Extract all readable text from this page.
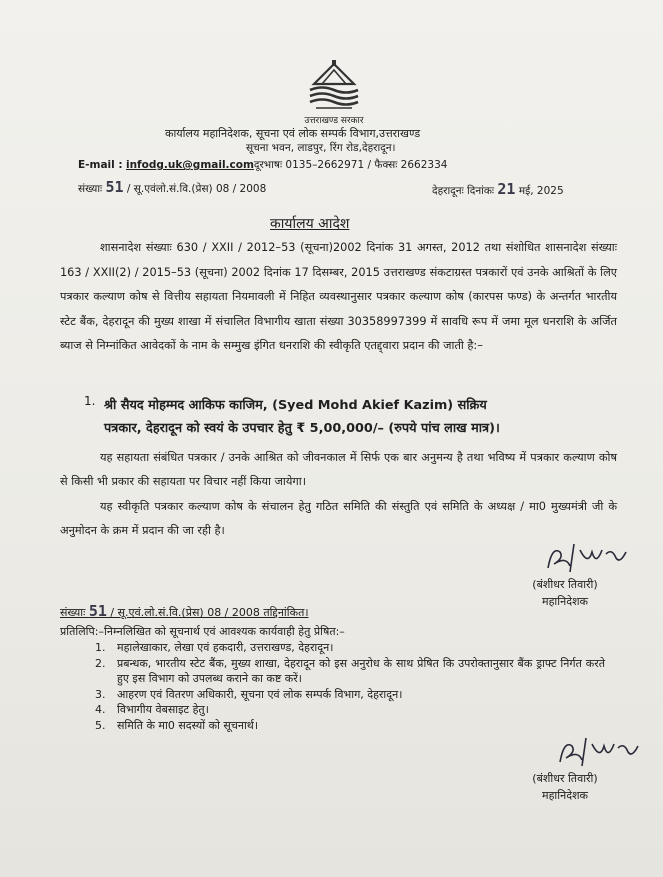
उत्तराखण्ड सरकार
कार्यालय महानिदेशक, सूचना एवं लोक सम्पर्क विभाग,उत्तराखण्ड
सूचना भवन, लाडपुर, रिंग रोड,देहरादून।
E-mail : infodg.uk@gmail.comदूरभाषः 0135–2662971 / फैक्सः 2662334
संख्याः 51 / सू.एवंलो.सं.वि.(प्रेस) 08 / 2008	देहरादूनः दिनांकः 21 मई, 2025
कार्यालय आदेश
शासनादेश संख्याः 630 / XXII / 2012–53 (सूचना)2002 दिनांक 31 अगस्त, 2012 तथा संशोधित शासनादेश संख्याः 163 / XXII(2) / 2015–53 (सूचना) 2002 दिनांक 17 दिसम्बर, 2015 उत्तराखण्ड संकटाग्रस्त पत्रकारों एवं उनके आश्रितों के लिए पत्रकार कल्याण कोष से वित्तीय सहायता नियमावली में निहित व्यवस्थानुसार पत्रकार कल्याण कोष (कारपस फण्ड) के अन्तर्गत भारतीय स्टेट बैंक, देहरादून की मुख्य शाखा में संचालित विभागीय खाता संख्या 30358997399 में सावधि रूप में जमा मूल धनराशि के अर्जित ब्याज से निम्नांकित आवेदकों के नाम के सम्मुख इंगित धनराशि की स्वीकृति एतद्द्वारा प्रदान की जाती है:–
1. श्री सैयद मोहम्मद आकिफ काजिम, (Syed Mohd Akief Kazim) सक्रिय पत्रकार, देहरादून को स्वयं के उपचार हेतु ₹ 5,00,000/– (रुपये पांच लाख मात्र)।
यह सहायता संबंधित पत्रकार / उनके आश्रित को जीवनकाल में सिर्फ एक बार अनुमन्य है तथा भविष्य में पत्रकार कल्याण कोष से किसी भी प्रकार की सहायता पर विचार नहीं किया जायेगा।
यह स्वीकृति पत्रकार कल्याण कोष के संचालन हेतु गठित समिति की संस्तुति एवं समिति के अध्यक्ष / मा0 मुख्यमंत्री जी के अनुमोदन के क्रम में प्रदान की जा रही है।
(बंशीधर तिवारी)
महानिदेशक
संख्याः 51 / सू.एवं.लो.सं.वि.(प्रेस) 08 / 2008 तद्दिनांकित।
प्रतिलिपि:–निम्नलिखित को सूचनार्थ एवं आवश्यक कार्यवाही हेतु प्रेषित:–
1. महालेखाकार, लेखा एवं हकदारी, उत्तराखण्ड, देहरादून।
2. प्रबन्धक, भारतीय स्टेट बैंक, मुख्य शाखा, देहरादून को इस अनुरोध के साथ प्रेषित कि उपरोक्तानुसार बैंक ड्राफ्ट निर्गत करते हुए इस विभाग को उपलब्ध कराने का कष्ट करें।
3. आहरण एवं वितरण अधिकारी, सूचना एवं लोक सम्पर्क विभाग, देहरादून।
4. विभागीय वेबसाइट हेतु।
5. समिति के मा0 सदस्यों को सूचनार्थ।
(बंशीधर तिवारी)
महानिदेशक
